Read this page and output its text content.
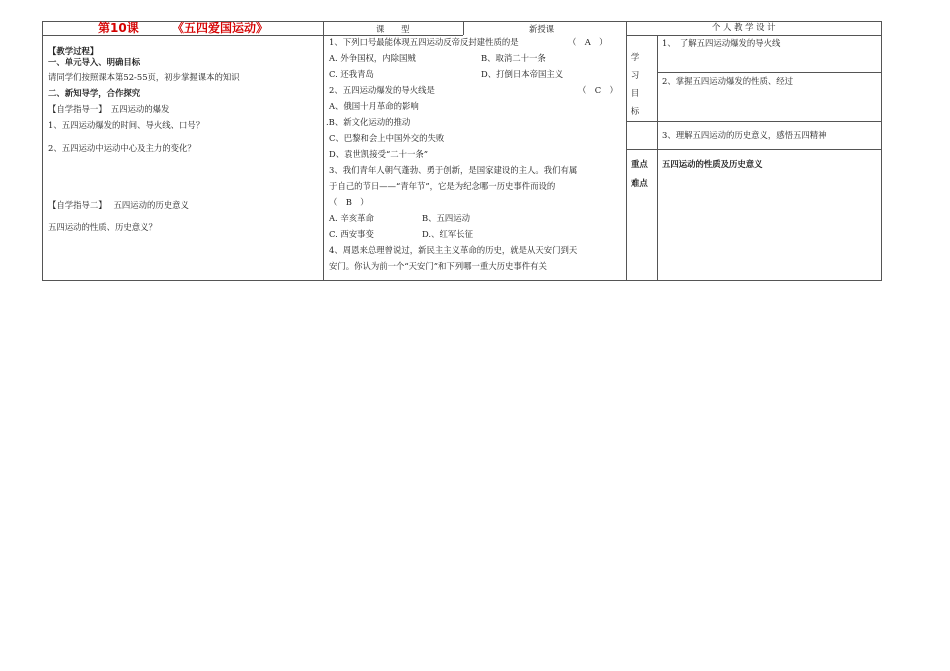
第10课	《五四爱国运动》	课　　型	新授课	个 人 教 学 设 计
【教学过程】
一、单元导入、明确目标
请同学们按照课本第52-55页，初步掌握课本的知识
二、新知导学，合作探究
【自学指导一】　五四运动的爆发
1、五四运动爆发的时间、导火线、口号？
2、五四运动中运动中心及主力的变化？
【自学指导二】　 五四运动的历史意义
五四运动的性质、历史意义？
1、下列口号最能体现五四运动反帝反封建性质的是	（　A　）
A. 外争国权，内除国贼	B、取消二十一条
C. 还我青岛	D、打倒日本帝国主义
2、五四运动爆发的导火线是	（　C　）
A、俄国十月革命的影响
.B、新文化运动的推动
C、巴黎和会上中国外交的失败
D、袁世凯接受“二十一条”
3、我们青年人朝气蓬勃、勇于创新，是国家建设的主人。我们有属
于自己的节日——“青年节”，它是为纪念哪一历史事件而设的
（　B　）
A. 辛亥革命	B、五四运动
C. 西安事变	D.、红军长征
4、周恩来总理曾说过，新民主主义革命的历史，就是从天安门到天
安门。你认为前一个“天安门”和下列哪一重大历史事件有关
学
习
目
标
1、　了解五四运动爆发的导火线
2、掌握五四运动爆发的性质、经过
3、理解五四运动的历史意义，感悟五四精神
重点
难点
五四运动的性质及历史意义
